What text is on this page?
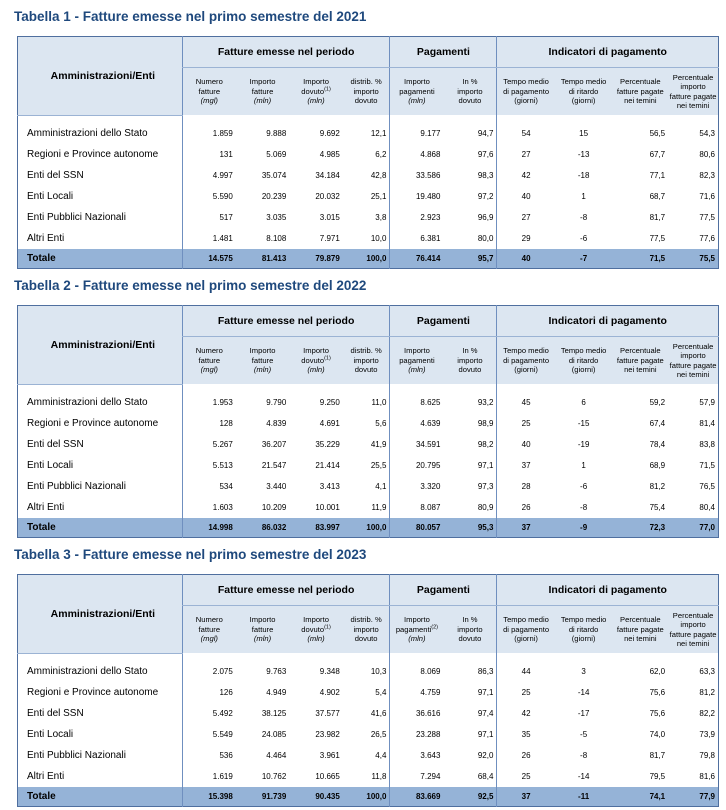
Tabella 1 - Fatture emesse nel primo semestre del 2021
Amministrazioni/Enti	Fatture emesse nel periodo				Pagamenti		Indicatori di pagamento			
	Numero
fatture
(mgl)	Importo
fatture
(mln)	Importo
dovuto$^{(1)}$
(mln)	distrib. %
importo
dovuto	Importo
pagamenti
(mln)	In %
importo
dovuto	Tempo medio
di pagamento
(giorni)	Tempo medio
di ritardo
(giorni)	Percentuale
fatture pagate
nei temini	Percentuale
importo
fatture pagate
nei temini

Amministrazioni dello Stato	1.859	9.888	9.692	12,1	9.177	94,7	54	15	56,5	54,3
Regioni e Province autonome	131	5.069	4.985	6,2	4.868	97,6	27	-13	67,7	80,6
Enti del SSN	4.997	35.074	34.184	42,8	33.586	98,3	42	-18	77,1	82,3
Enti Locali	5.590	20.239	20.032	25,1	19.480	97,2	40	1	68,7	71,6
Enti Pubblici Nazionali	517	3.035	3.015	3,8	2.923	96,9	27	-8	81,7	77,5
Altri Enti	1.481	8.108	7.971	10,0	6.381	80,0	29	-6	77,5	77,6
Totale	14.575	81.413	79.879	100,0	76.414	95,7	40	-7	71,5	75,5
Tabella 2 - Fatture emesse nel primo semestre del 2022
Amministrazioni/Enti	Fatture emesse nel periodo				Pagamenti		Indicatori di pagamento			
	Numero
fatture
(mgl)	Importo
fatture
(mln)	Importo
dovuto$^{(1)}$
(mln)	distrib. %
importo
dovuto	Importo
pagamenti
(mln)	In %
importo
dovuto	Tempo medio
di pagamento
(giorni)	Tempo medio
di ritardo
(giorni)	Percentuale
fatture pagate
nei temini	Percentuale
importo
fatture pagate
nei temini

Amministrazioni dello Stato	1.953	9.790	9.250	11,0	8.625	93,2	45	6	59,2	57,9
Regioni e Province autonome	128	4.839	4.691	5,6	4.639	98,9	25	-15	67,4	81,4
Enti del SSN	5.267	36.207	35.229	41,9	34.591	98,2	40	-19	78,4	83,8
Enti Locali	5.513	21.547	21.414	25,5	20.795	97,1	37	1	68,9	71,5
Enti Pubblici Nazionali	534	3.440	3.413	4,1	3.320	97,3	28	-6	81,2	76,5
Altri Enti	1.603	10.209	10.001	11,9	8.087	80,9	26	-8	75,4	80,4
Totale	14.998	86.032	83.997	100,0	80.057	95,3	37	-9	72,3	77,0
Tabella 3 - Fatture emesse nel primo semestre del 2023
Amministrazioni/Enti	Fatture emesse nel periodo				Pagamenti		Indicatori di pagamento			
	Numero
fatture
(mgl)	Importo
fatture
(mln)	Importo
dovuto$^{(1)}$
(mln)	distrib. %
importo
dovuto	Importo
pagamenti$^{(2)}$
(mln)	In %
importo
dovuto	Tempo medio
di pagamento
(giorni)	Tempo medio
di ritardo
(giorni)	Percentuale
fatture pagate
nei temini	Percentuale
importo
fatture pagate
nei temini

Amministrazioni dello Stato	2.075	9.763	9.348	10,3	8.069	86,3	44	3	62,0	63,3
Regioni e Province autonome	126	4.949	4.902	5,4	4.759	97,1	25	-14	75,6	81,2
Enti del SSN	5.492	38.125	37.577	41,6	36.616	97,4	42	-17	75,6	82,2
Enti Locali	5.549	24.085	23.982	26,5	23.288	97,1	35	-5	74,0	73,9
Enti Pubblici Nazionali	536	4.464	3.961	4,4	3.643	92,0	26	-8	81,7	79,8
Altri Enti	1.619	10.762	10.665	11,8	7.294	68,4	25	-14	79,5	81,6
Totale	15.398	91.739	90.435	100,0	83.669	92,5	37	-11	74,1	77,9
